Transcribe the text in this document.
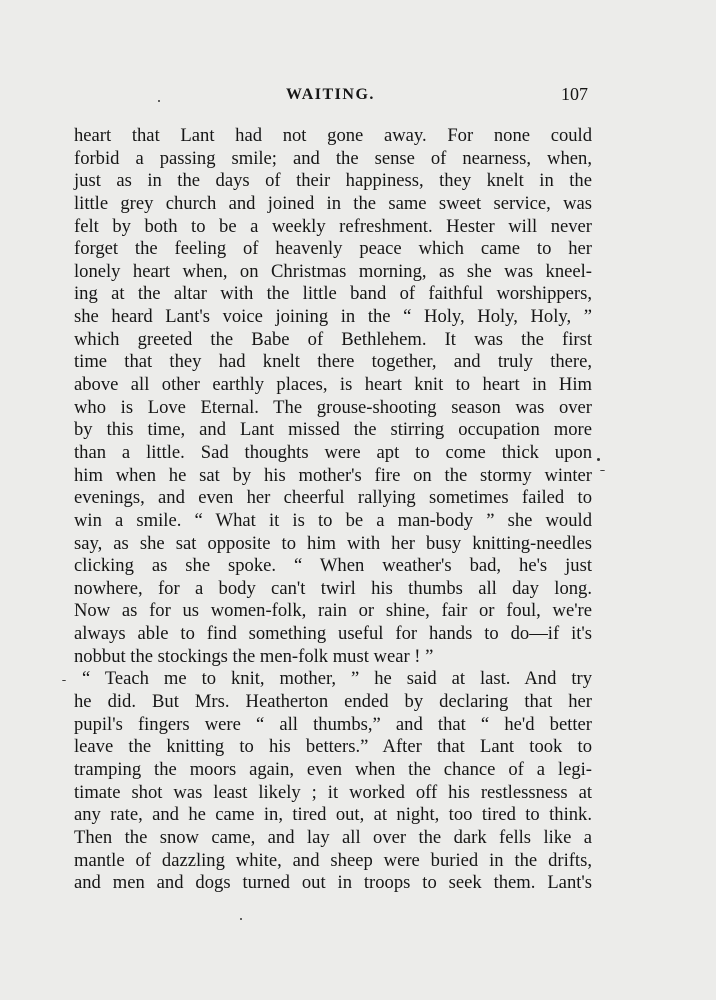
WAITING.	107
heart that Lant had not gone away. For none could
forbid a passing smile; and the sense of nearness, when,
just as in the days of their happiness, they knelt in the
little grey church and joined in the same sweet service, was
felt by both to be a weekly refreshment. Hester will never
forget the feeling of heavenly peace which came to her
lonely heart when, on Christmas morning, as she was kneel-
ing at the altar with the little band of faithful worshippers,
she heard Lant's voice joining in the “ Holy, Holy, Holy, ”
which greeted the Babe of Bethlehem. It was the first
time that they had knelt there together, and truly there,
above all other earthly places, is heart knit to heart in Him
who is Love Eternal. The grouse-shooting season was over
by this time, and Lant missed the stirring occupation more
than a little. Sad thoughts were apt to come thick upon
him when he sat by his mother's fire on the stormy winter
evenings, and even her cheerful rallying sometimes failed to
win a smile. “ What it is to be a man-body ” she would
say, as she sat opposite to him with her busy knitting-needles
clicking as she spoke. “ When weather's bad, he's just
nowhere, for a body can't twirl his thumbs all day long.
Now as for us women-folk, rain or shine, fair or foul, we're
always able to find something useful for hands to do—if it's
nobbut the stockings the men-folk must wear ! ”
“ Teach me to knit, mother, ” he said at last. And try
he did. But Mrs. Heatherton ended by declaring that her
pupil's fingers were “ all thumbs,” and that “ he'd better
leave the knitting to his betters.” After that Lant took to
tramping the moors again, even when the chance of a legi-
timate shot was least likely ; it worked off his restlessness at
any rate, and he came in, tired out, at night, too tired to think.
Then the snow came, and lay all over the dark fells like a
mantle of dazzling white, and sheep were buried in the drifts,
and men and dogs turned out in troops to seek them. Lant's
